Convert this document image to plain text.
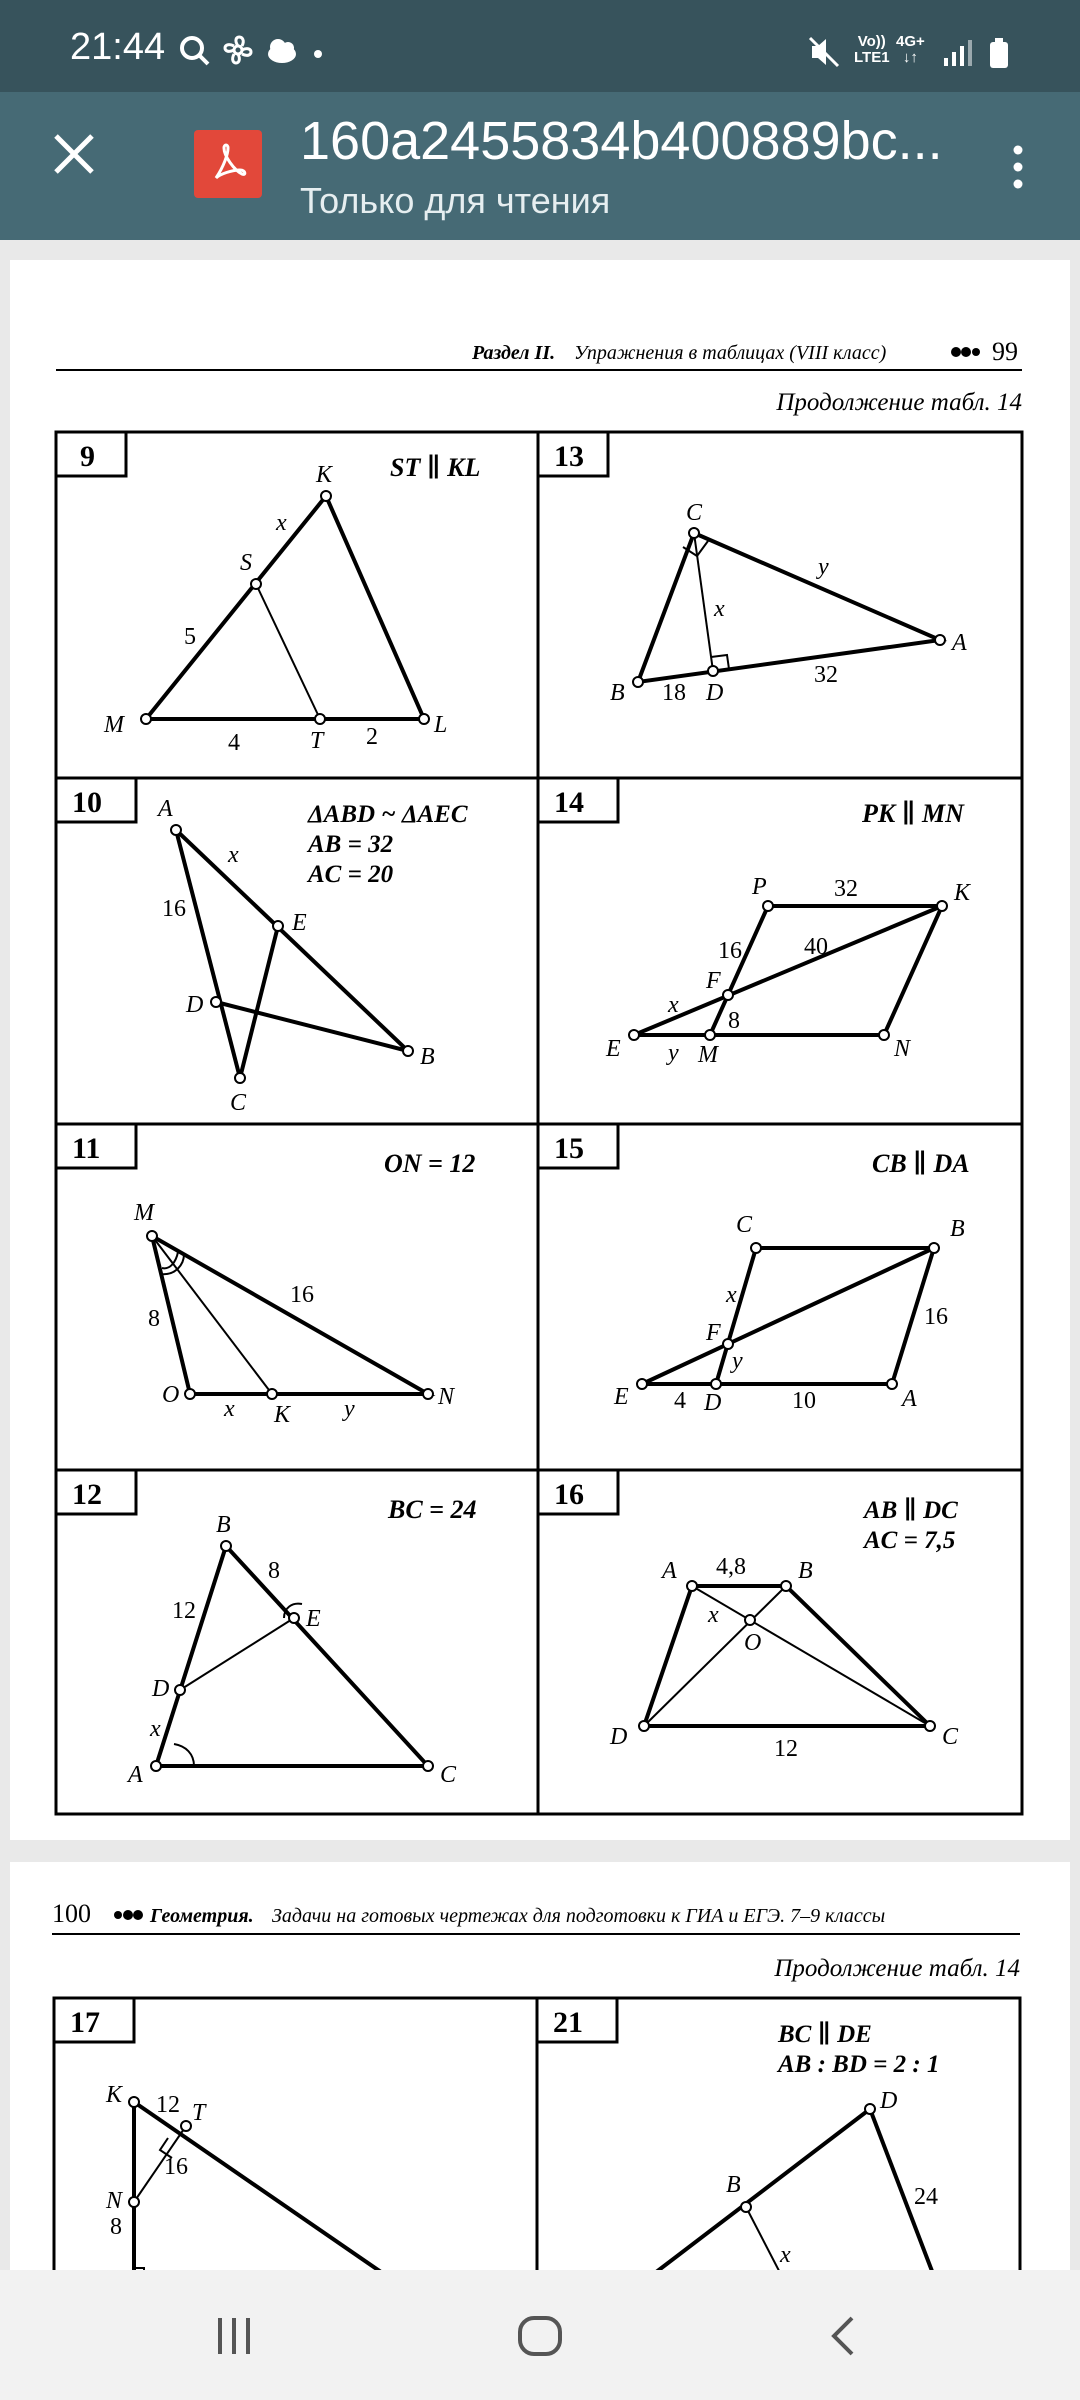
21:44	Vo))
LTE1
4G+
↓↑
160a2455834b400889bc...
Только для чтения
Раздел II. Упражнения в таблицах (VIII класс)	99
Продолжение табл. 14
9	ST ∥ KL
K
S
M
T
L
x
5
4	2
13
C
A
B	D
x
y
18
32
10	ΔABD ~ ΔAEC
AB = 32
AC = 20
A
E
D
C
B
x
16
14	PK ∥ MN
P	K
F
E	M	N
x
y
32
40
16
8
11	ON = 12
M
O
K
N
x	y
8
16
15	CB ∥ DA
C	B
F
E	D	A
x
y
16
4	10
12	BC = 24
B
E
D
A	C
x
8
12
16	AB ∥ DC
AC = 7,5
A	B
O
D	C
x
4,8
12
100	Геометрия. Задачи на готовых чертежах для подготовки к ГИА и ЕГЭ. 7–9 классы
Продолжение табл. 14
17
K
T
N
12
16
8
21	BC ∥ DE
AB : BD = 2 : 1
D
B
x
24
